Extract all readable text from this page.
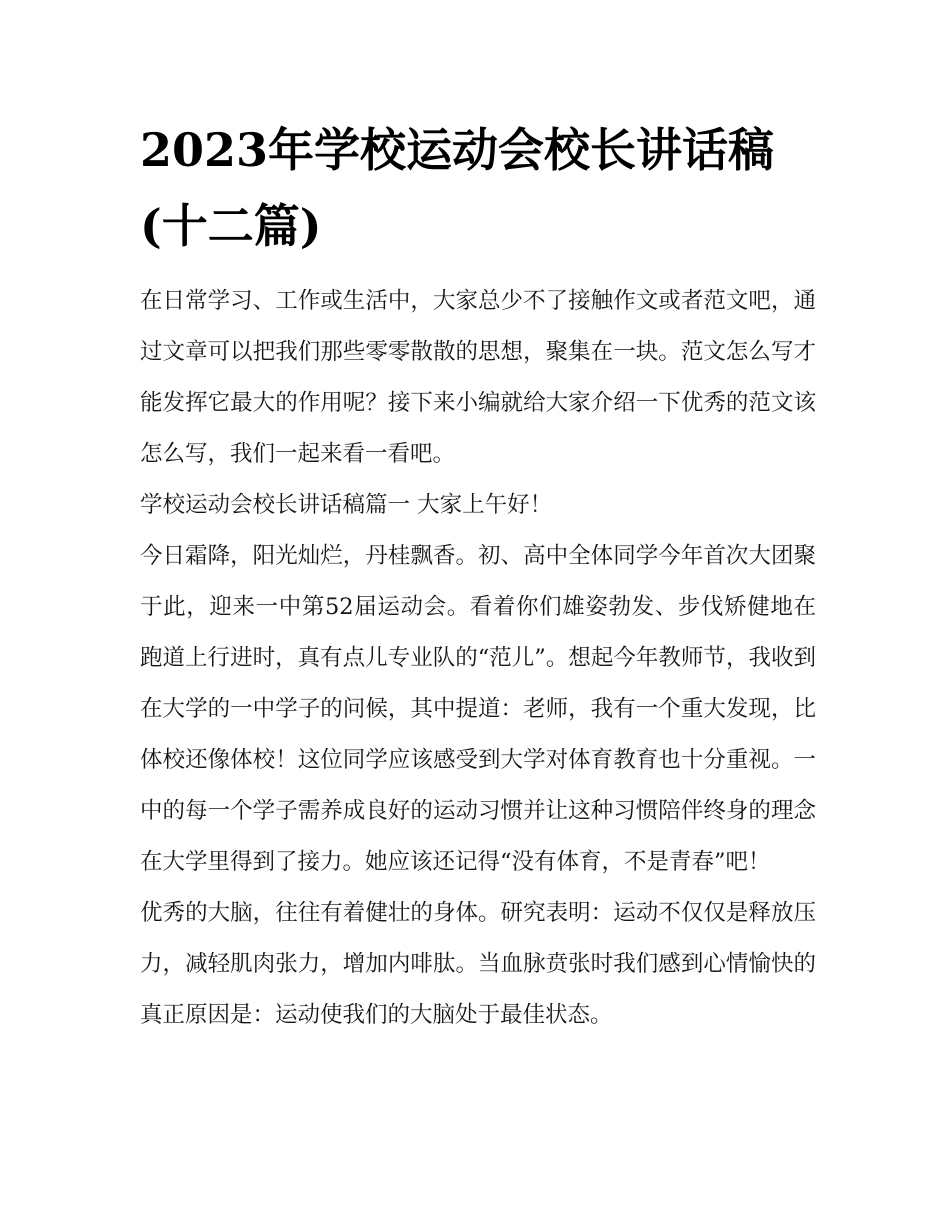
2023年学校运动会校长讲话稿(十二篇)

在日常学习、工作或生活中，大家总少不了接触作文或者范文吧，通过文章可以把我们那些零零散散的思想，聚集在一块。范文怎么写才能发挥它最大的作用呢？接下来小编就给大家介绍一下优秀的范文该怎么写，我们一起来看一看吧。

学校运动会校长讲话稿篇一 大家上午好！

今日霜降，阳光灿烂，丹桂飘香。初、高中全体同学今年首次大团聚于此，迎来一中第52届运动会。看着你们雄姿勃发、步伐矫健地在跑道上行进时，真有点儿专业队的“范儿”。想起今年教师节，我收到在大学的一中学子的问候，其中提道：老师，我有一个重大发现，比体校还像体校！这位同学应该感受到大学对体育教育也十分重视。一中的每一个学子需养成良好的运动习惯并让这种习惯陪伴终身的理念在大学里得到了接力。她应该还记得“没有体育，不是青春”吧！

优秀的大脑，往往有着健壮的身体。研究表明：运动不仅仅是释放压力，减轻肌肉张力，增加内啡肽。当血脉贲张时我们感到心情愉快的真正原因是：运动使我们的大脑处于最佳状态。
